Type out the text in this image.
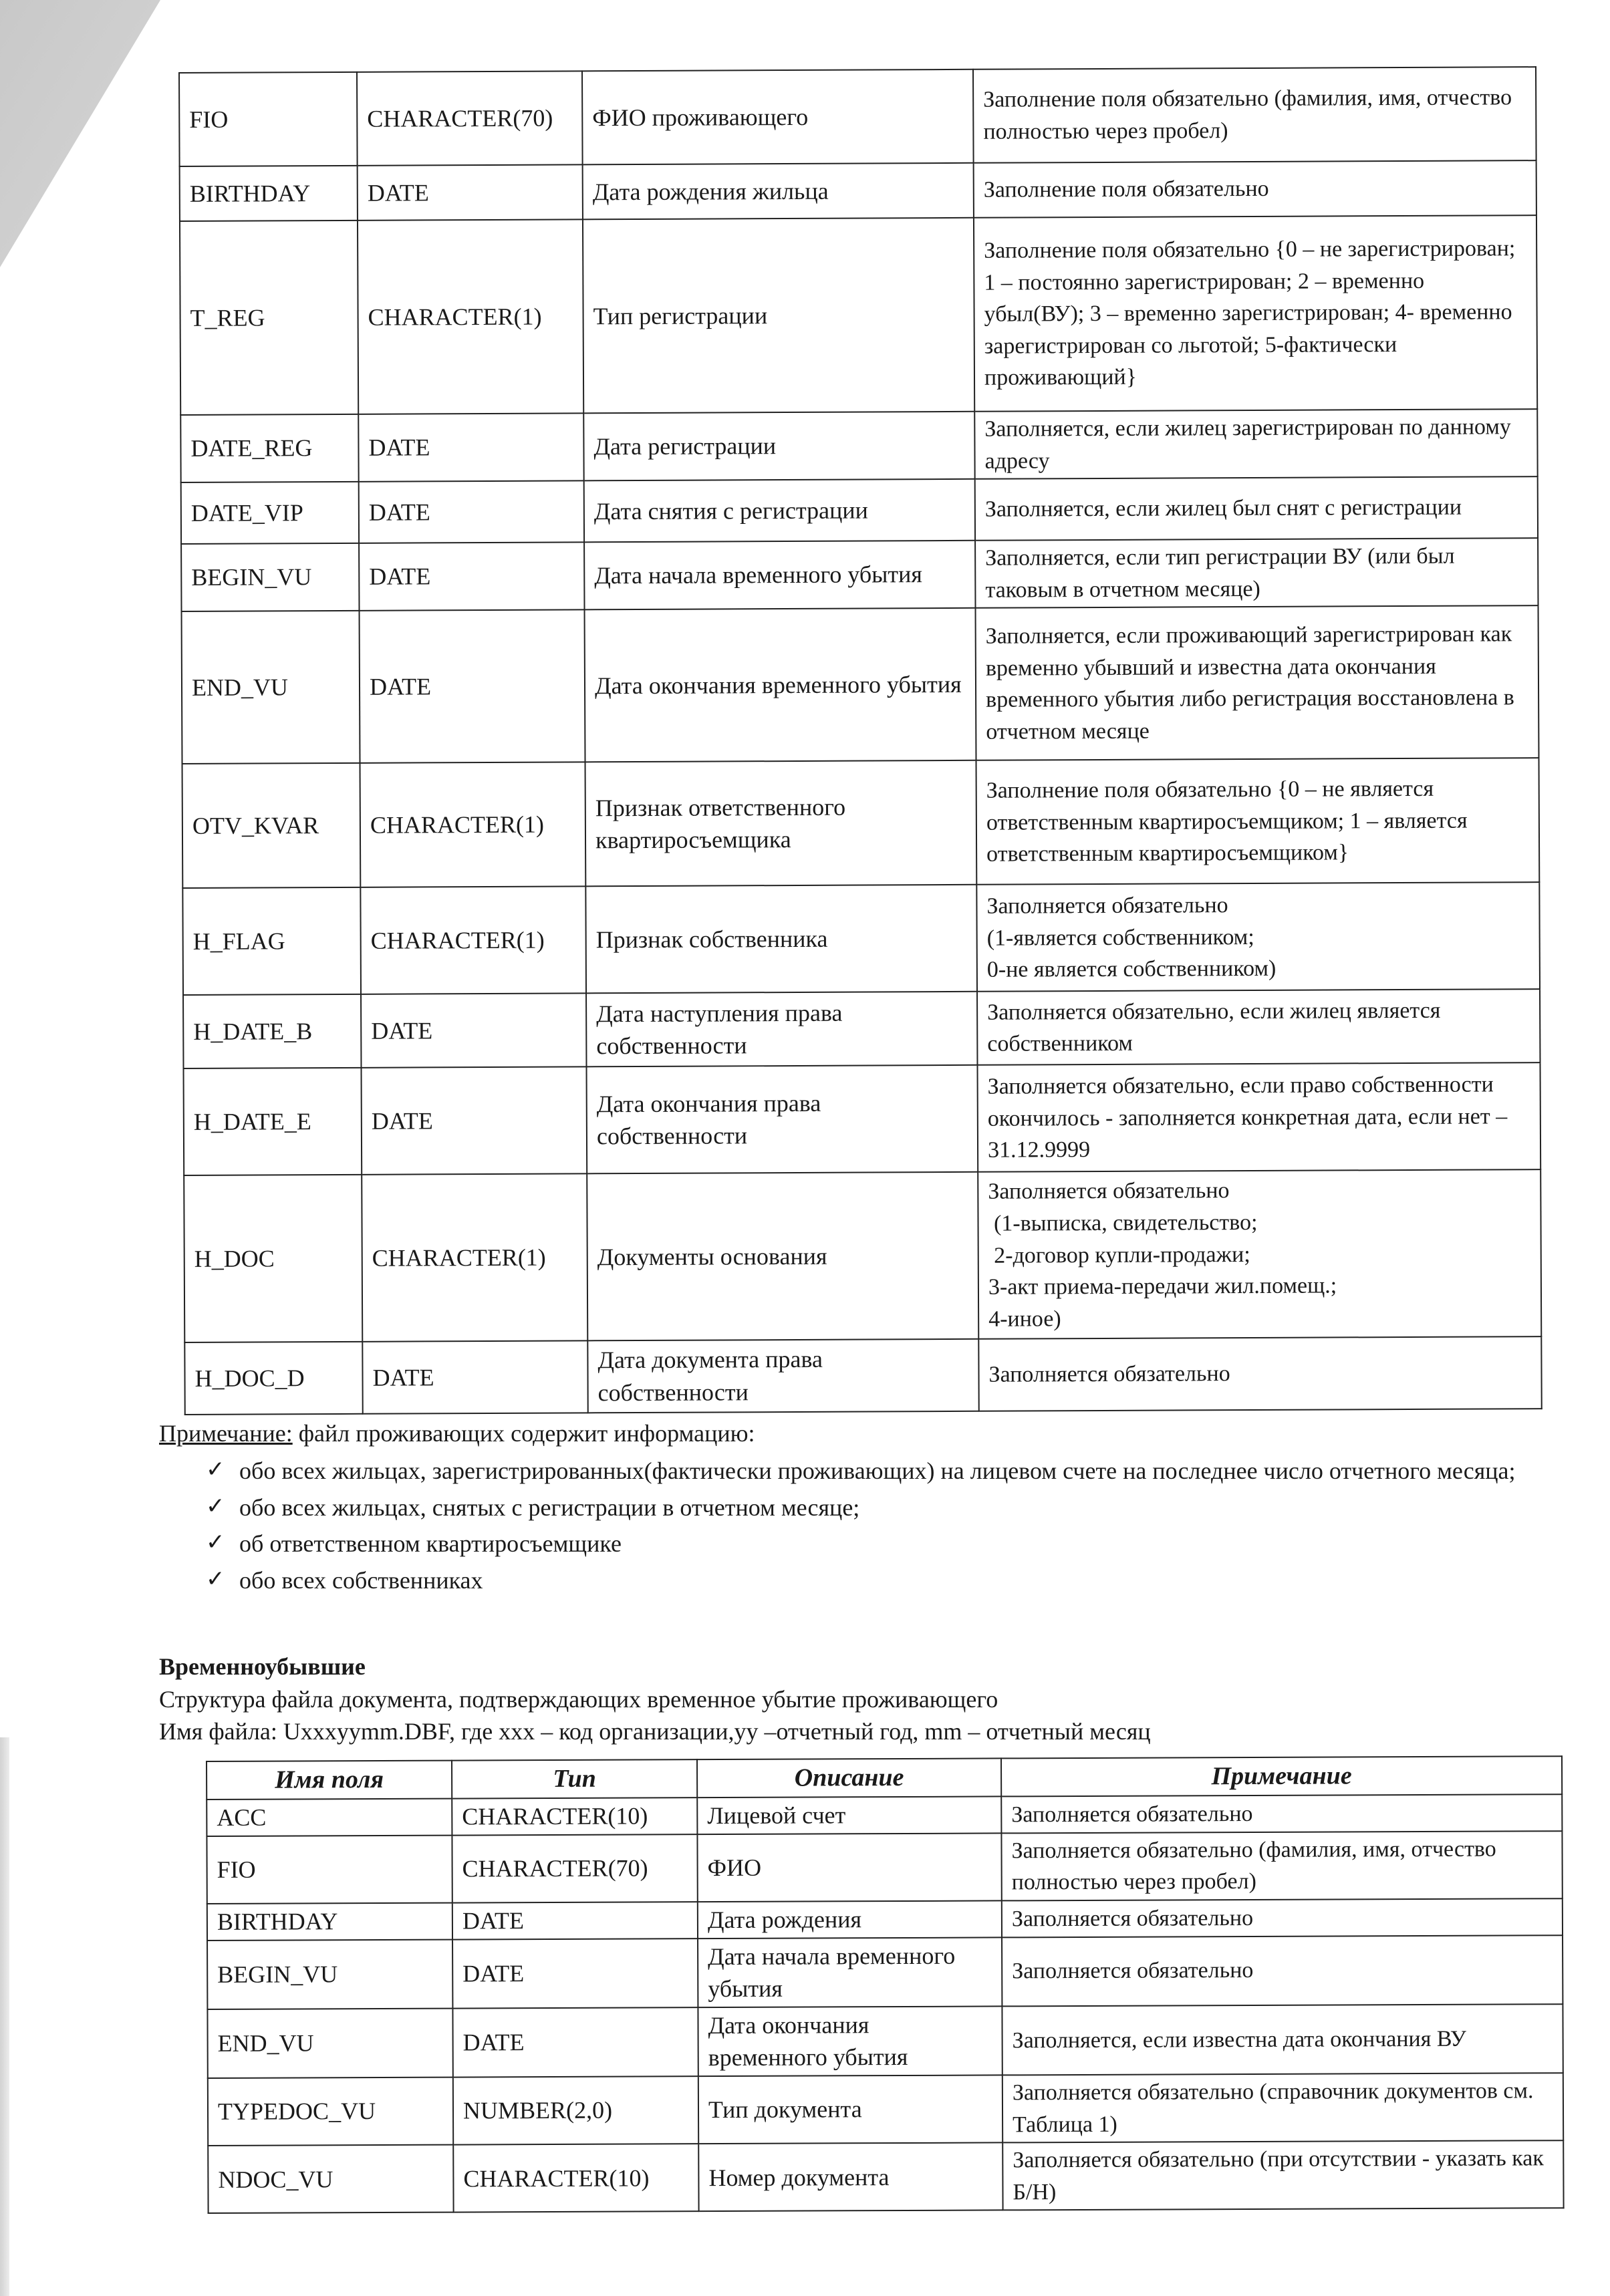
FIO	CHARACTER(70)	ФИО проживающего	Заполнение поля обязательно (фамилия, имя, отчество полностью через пробел)
BIRTHDAY	DATE	Дата рождения жильца	Заполнение поля обязательно
T_REG	CHARACTER(1)	Тип регистрации	Заполнение поля обязательно {0 – не зарегистрирован; 1 – постоянно зарегистрирован; 2 – временно убыл(ВУ); 3 – временно зарегистрирован; 4- временно зарегистрирован со льготой; 5-фактически проживающий}
DATE_REG	DATE	Дата регистрации	Заполняется, если жилец зарегистрирован по данному адресу
DATE_VIP	DATE	Дата снятия с регистрации	Заполняется, если жилец был снят с регистрации
BEGIN_VU	DATE	Дата начала временного убытия	Заполняется, если тип регистрации ВУ (или был таковым в отчетном месяце)
END_VU	DATE	Дата окончания временного убытия	Заполняется, если проживающий зарегистрирован как временно убывший и известна дата окончания временного убытия либо регистрация восстановлена в отчетном месяце
OTV_KVAR	CHARACTER(1)	Признак ответственного квартиросъемщика	Заполнение поля обязательно {0 – не является ответственным квартиросъемщиком; 1 – является ответственным квартиросъемщиком}
H_FLAG	CHARACTER(1)	Признак собственника	Заполняется обязательно
(1-является собственником;
0-не является собственником)

H_DATE_B	DATE	Дата наступления права собственности	Заполняется обязательно, если жилец является собственником
H_DATE_E	DATE	Дата окончания права собственности	Заполняется обязательно, если право собственности окончилось - заполняется конкретная дата, если нет – 31.12.9999
H_DOC	CHARACTER(1)	Документы основания	Заполняется обязательно
(1-выписка, свидетельство;
2-договор купли-продажи;
3-акт приема-передачи жил.помещ.;
4-иное)

H_DOC_D	DATE	Дата документа права собственности	Заполняется обязательно
Примечание: файл проживающих содержит информацию:
✓ обо всех жильцах, зарегистрированных(фактически проживающих) на лицевом счете на последнее число отчетного месяца;
✓ обо всех жильцах, снятых с регистрации в отчетном месяце;
✓ об ответственном квартиросъемщике
✓ обо всех собственниках
Временноубывшие
Структура файла документа, подтверждающих временное убытие проживающего
Имя файла: Uxxxyymm.DBF, где xxx – код организации,yy –отчетный год, mm – отчетный месяц
Имя поля	Тип	Описание	Примечание
ACC	CHARACTER(10)	Лицевой счет	Заполняется обязательно
FIO	CHARACTER(70)	ФИО	Заполняется обязательно (фамилия, имя, отчество полностью через пробел)
BIRTHDAY	DATE	Дата рождения	Заполняется обязательно
BEGIN_VU	DATE	Дата начала временного убытия	Заполняется обязательно
END_VU	DATE	Дата окончания временного убытия	Заполняется, если известна дата окончания ВУ
TYPEDOC_VU	NUMBER(2,0)	Тип документа	Заполняется обязательно (справочник документов см. Таблица 1)
NDOC_VU	CHARACTER(10)	Номер документа	Заполняется обязательно (при отсутствии - указать как Б/Н)
